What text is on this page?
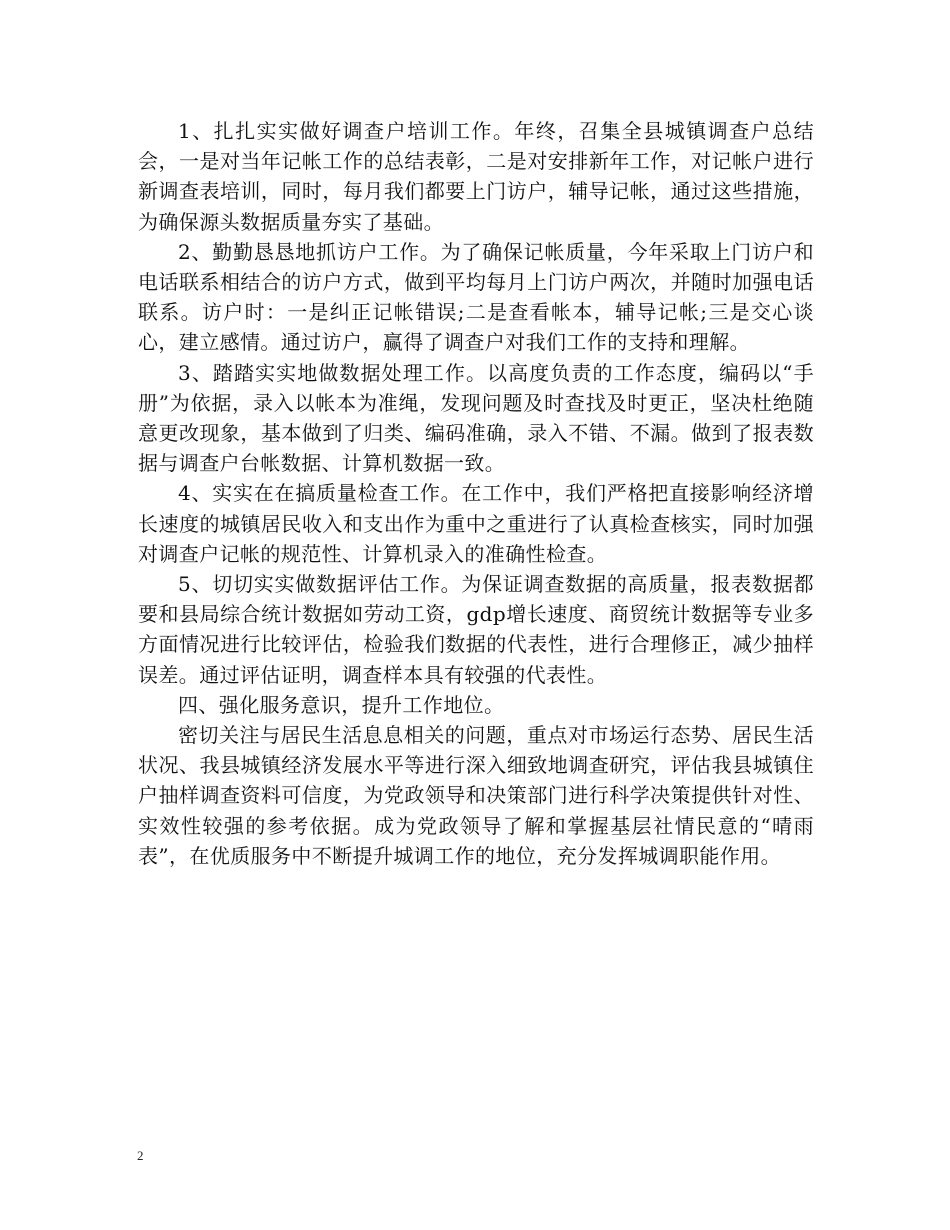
1、扎扎实实做好调查户培训工作。年终，召集全县城镇调查户总结会，一是对当年记帐工作的总结表彰，二是对安排新年工作，对记帐户进行新调查表培训，同时，每月我们都要上门访户，辅导记帐，通过这些措施，为确保源头数据质量夯实了基础。

2、勤勤恳恳地抓访户工作。为了确保记帐质量，今年采取上门访户和电话联系相结合的访户方式，做到平均每月上门访户两次，并随时加强电话联系。访户时：一是纠正记帐错误;二是查看帐本，辅导记帐;三是交心谈心，建立感情。通过访户，赢得了调查户对我们工作的支持和理解。

3、踏踏实实地做数据处理工作。以高度负责的工作态度，编码以“手册”为依据，录入以帐本为准绳，发现问题及时查找及时更正，坚决杜绝随意更改现象，基本做到了归类、编码准确，录入不错、不漏。做到了报表数据与调查户台帐数据、计算机数据一致。

4、实实在在搞质量检查工作。在工作中，我们严格把直接影响经济增长速度的城镇居民收入和支出作为重中之重进行了认真检查核实，同时加强对调查户记帐的规范性、计算机录入的准确性检查。

5、切切实实做数据评估工作。为保证调查数据的高质量，报表数据都要和县局综合统计数据如劳动工资，gdp增长速度、商贸统计数据等专业多方面情况进行比较评估，检验我们数据的代表性，进行合理修正，减少抽样误差。通过评估证明，调查样本具有较强的代表性。

四、强化服务意识，提升工作地位。

密切关注与居民生活息息相关的问题，重点对市场运行态势、居民生活状况、我县城镇经济发展水平等进行深入细致地调查研究，评估我县城镇住户抽样调查资料可信度，为党政领导和决策部门进行科学决策提供针对性、实效性较强的参考依据。成为党政领导了解和掌握基层社情民意的“晴雨表”，在优质服务中不断提升城调工作的地位，充分发挥城调职能作用。

2
